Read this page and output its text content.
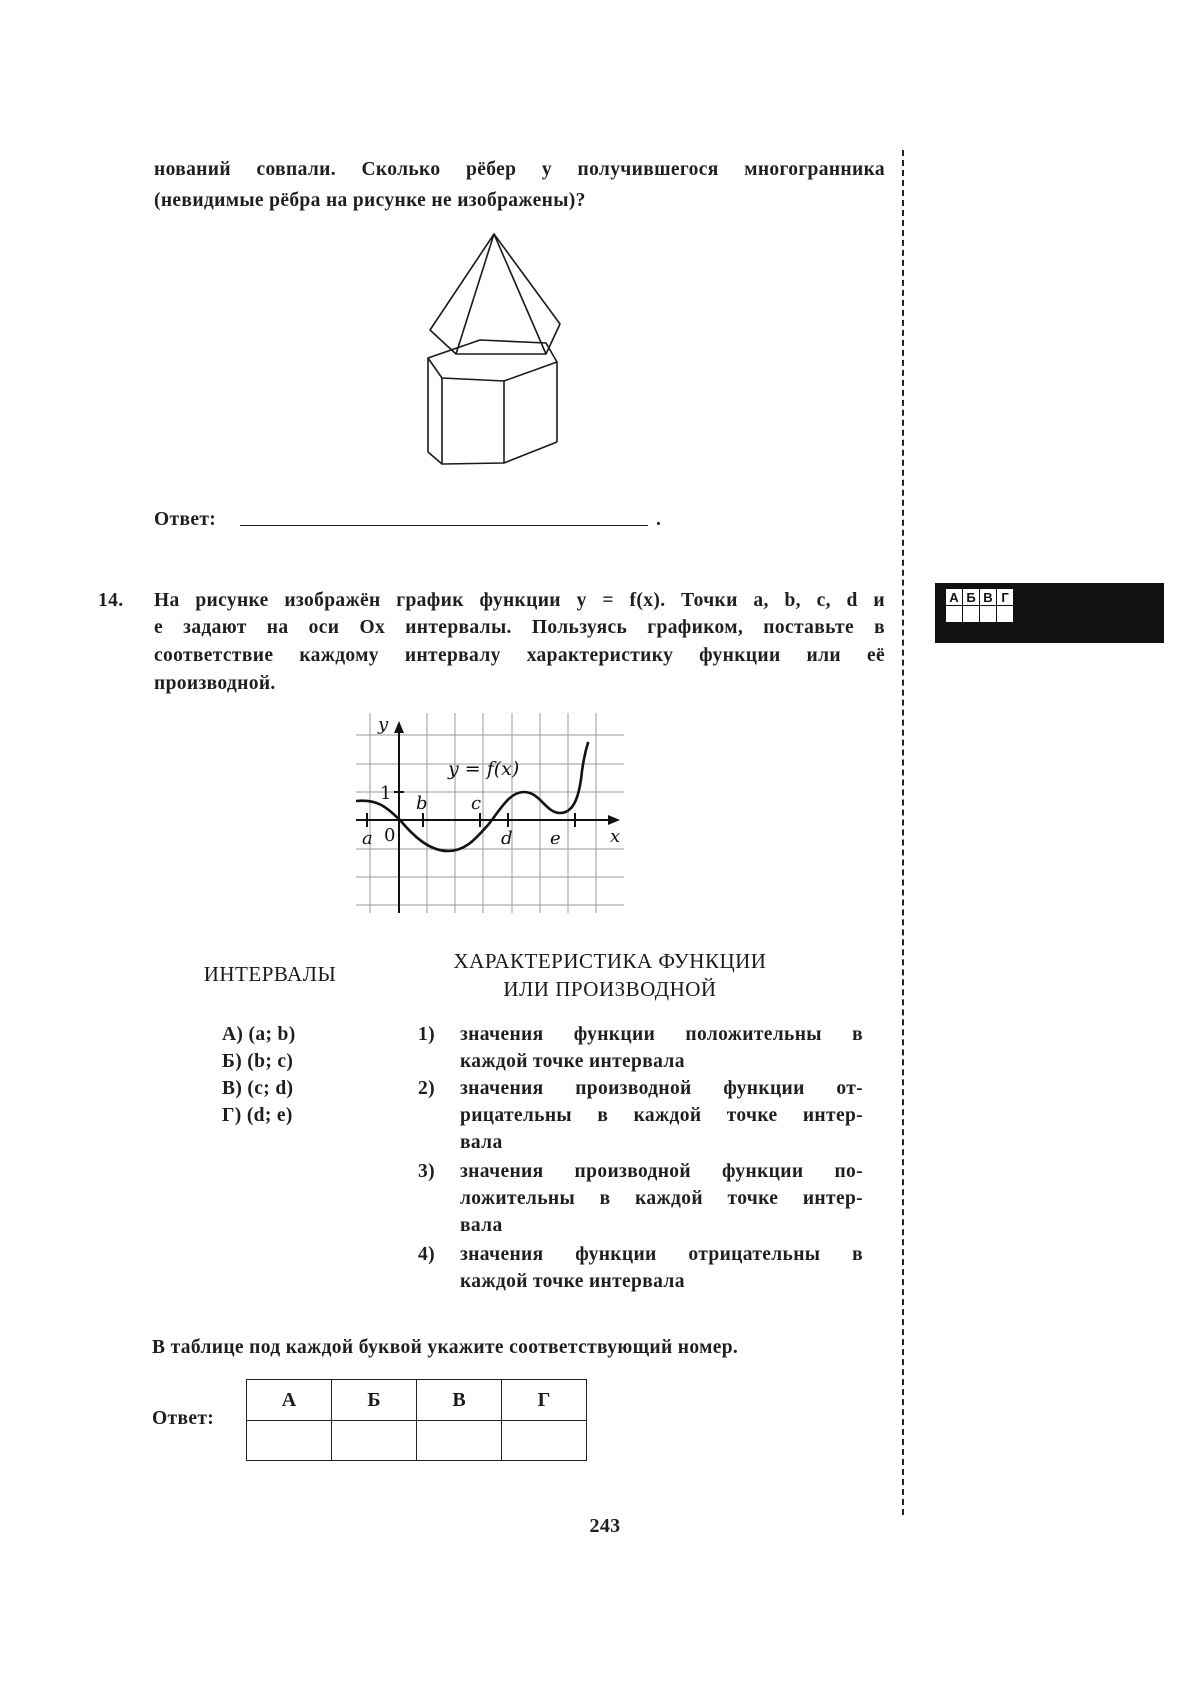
нований совпали. Сколько рёбер у получившегося многогранника
(невидимые рёбра на рисунке не изображены)?
Ответ:	.
14. На рисунке изображён график функции y = f(x). Точки a, b, c, d и
e задают на оси Ox интервалы. Пользуясь графиком, поставьте в
соответствие каждому интервалу характеристику функции или её
производной.
А	Б	В	Г

y
x
y = f(x)
a
b c
d e
1
0
ИНТЕРВАЛЫ
ХАРАКТЕРИСТИКА ФУНКЦИИ
ИЛИ ПРОИЗВОДНОЙ
А) (a; b)
Б) (b; c)
В) (c; d)
Г) (d; e)
1) значения функции положительны в
каждой точке интервала
2) значения производной функции от-
рицательны в каждой точке интер-
вала
3) значения производной функции по-
ложительны в каждой точке интер-
вала
4) значения функции отрицательны в
каждой точке интервала
В таблице под каждой буквой укажите соответствующий номер.
Ответ:
А	Б	В	Г

243
